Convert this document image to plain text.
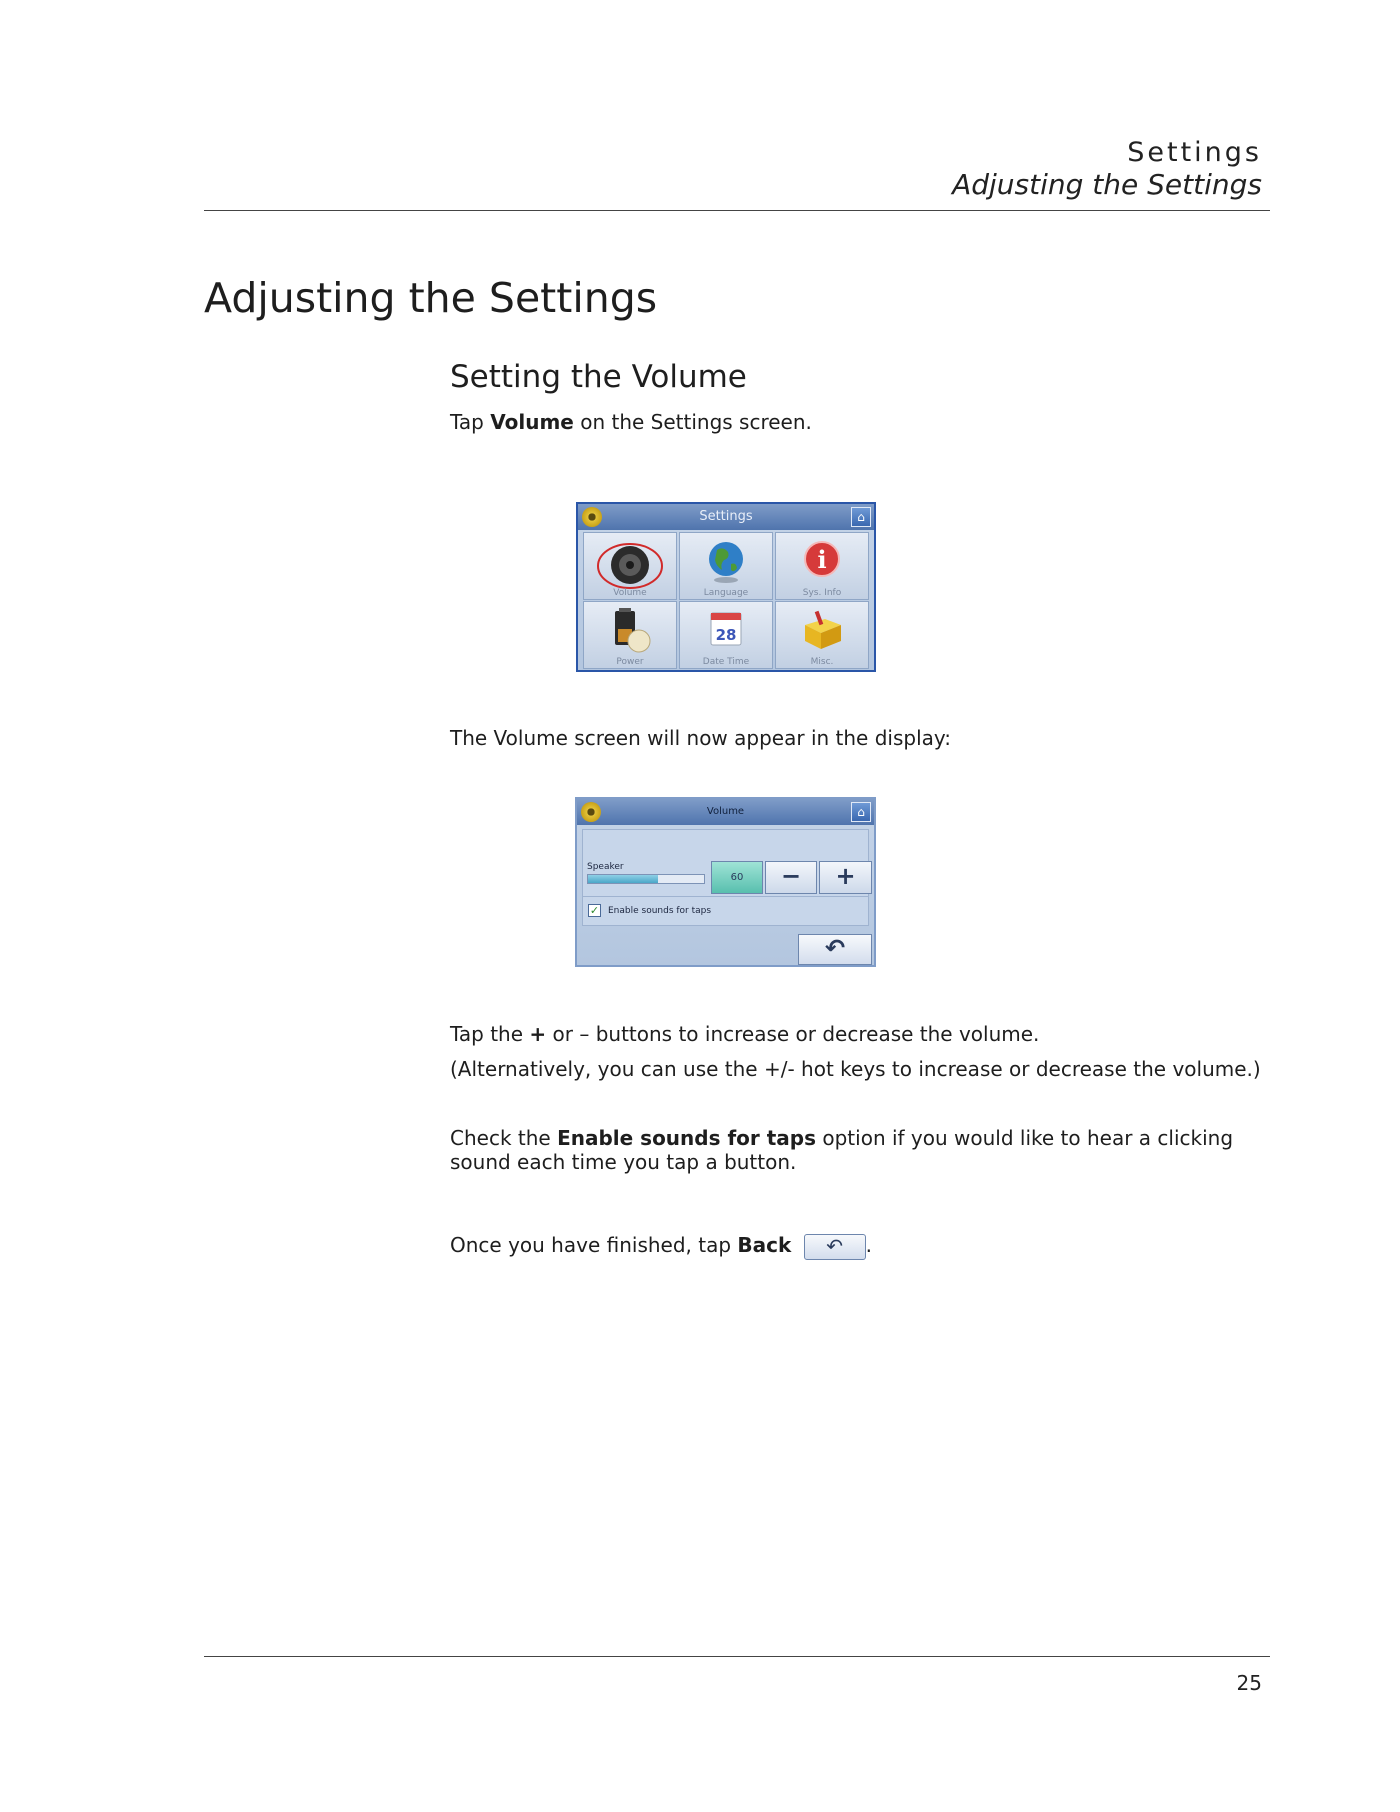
Settings
Adjusting the Settings
Adjusting the Settings
Setting the Volume
Tap Volume on the Settings screen.
Settings	⌂
Volume	Language
i
Sys. Info
Power
28
Date Time	Misc.
The Volume screen will now appear in the display:
Volume	⌂
Speaker
60	−	+
✓ Enable sounds for taps
↶
Tap the + or – buttons to increase or decrease the volume.
(Alternatively, you can use the +/- hot keys to increase or decrease the volume.)
Check the Enable sounds for taps option if you would like to hear a clicking sound each time you tap a button.
Once you have finished, tap Back ↶ .
25
